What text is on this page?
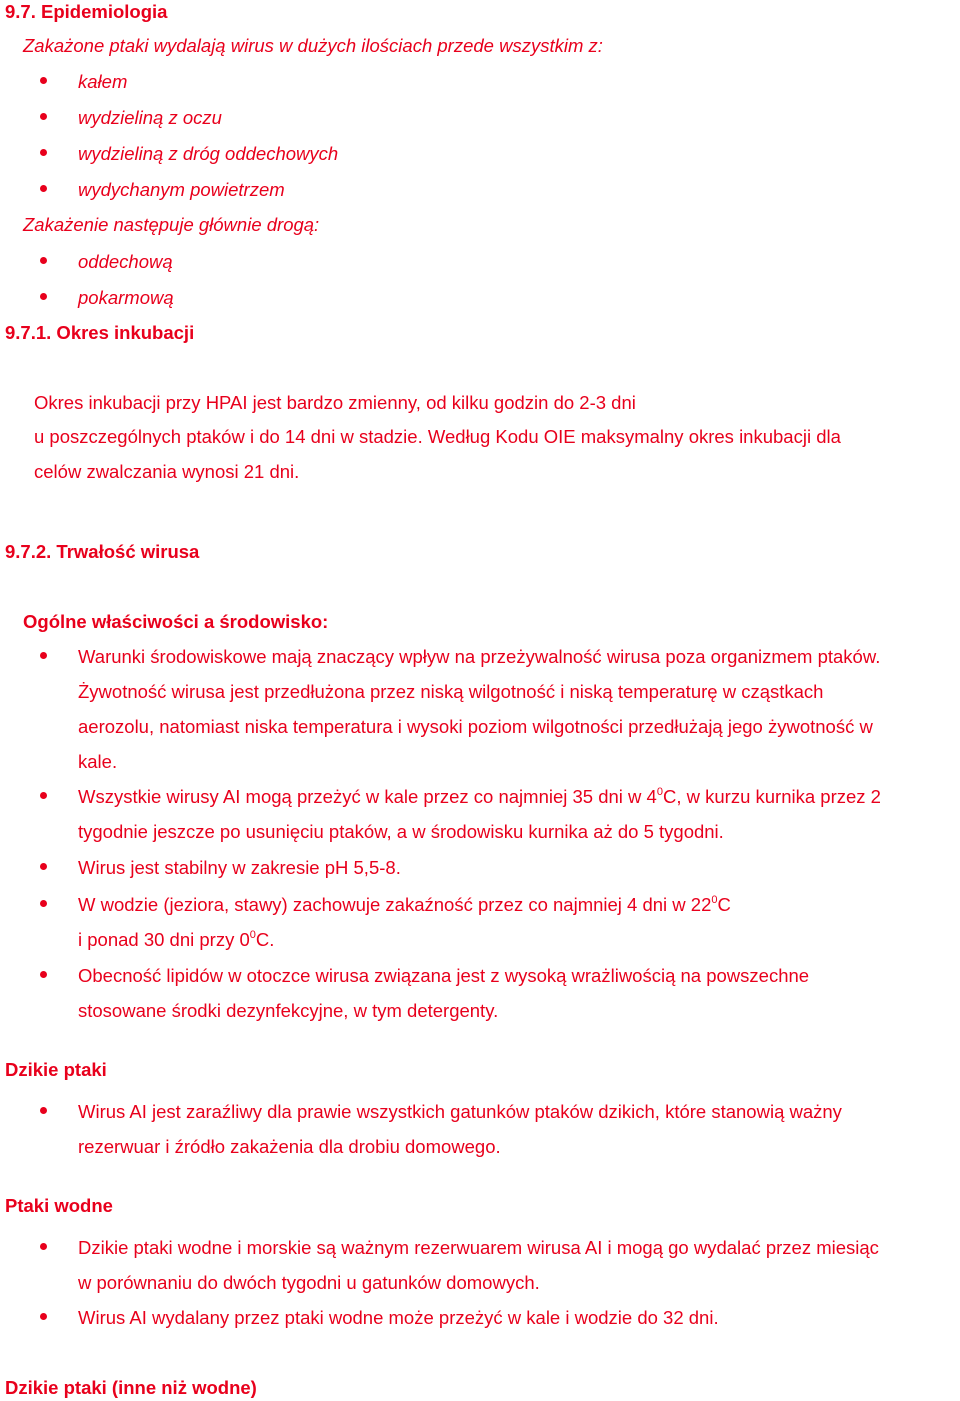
9.7. Epidemiologia
Zakażone ptaki wydalają wirus w dużych ilościach przede wszystkim z:
kałem
wydzieliną z oczu
wydzieliną z dróg oddechowych
wydychanym powietrzem
Zakażenie następuje głównie drogą:
oddechową
pokarmową
9.7.1. Okres inkubacji
Okres inkubacji przy HPAI jest bardzo zmienny, od kilku godzin do 2-3 dni
u poszczególnych ptaków i do 14 dni w stadzie. Według Kodu OIE maksymalny okres inkubacji dla
celów zwalczania wynosi 21 dni.
9.7.2. Trwałość wirusa
Ogólne właściwości a środowisko:
Warunki środowiskowe mają znaczący wpływ na przeżywalność wirusa poza organizmem ptaków.
Żywotność wirusa jest przedłużona przez niską wilgotność i niską temperaturę w cząstkach
aerozolu, natomiast niska temperatura i wysoki poziom wilgotności przedłużają jego żywotność w
kale.
Wszystkie wirusy AI mogą przeżyć w kale przez co najmniej 35 dni w $4^0C$, w kurzu kurnika przez 2
tygodnie jeszcze po usunięciu ptaków, a w środowisku kurnika aż do 5 tygodni.
Wirus jest stabilny w zakresie pH 5,5-8.
W wodzie (jeziora, stawy) zachowuje zakaźność przez co najmniej 4 dni w $22^0C$
i ponad 30 dni przy $0^0C$.
Obecność lipidów w otoczce wirusa związana jest z wysoką wrażliwością na powszechne
stosowane środki dezynfekcyjne, w tym detergenty.
Dzikie ptaki
Wirus AI jest zaraźliwy dla prawie wszystkich gatunków ptaków dzikich, które stanowią ważny
rezerwuar i źródło zakażenia dla drobiu domowego.
Ptaki wodne
Dzikie ptaki wodne i morskie są ważnym rezerwuarem wirusa AI i mogą go wydalać przez miesiąc
w porównaniu do dwóch tygodni u gatunków domowych.
Wirus AI wydalany przez ptaki wodne może przeżyć w kale i wodzie do 32 dni.
Dzikie ptaki (inne niż wodne)
